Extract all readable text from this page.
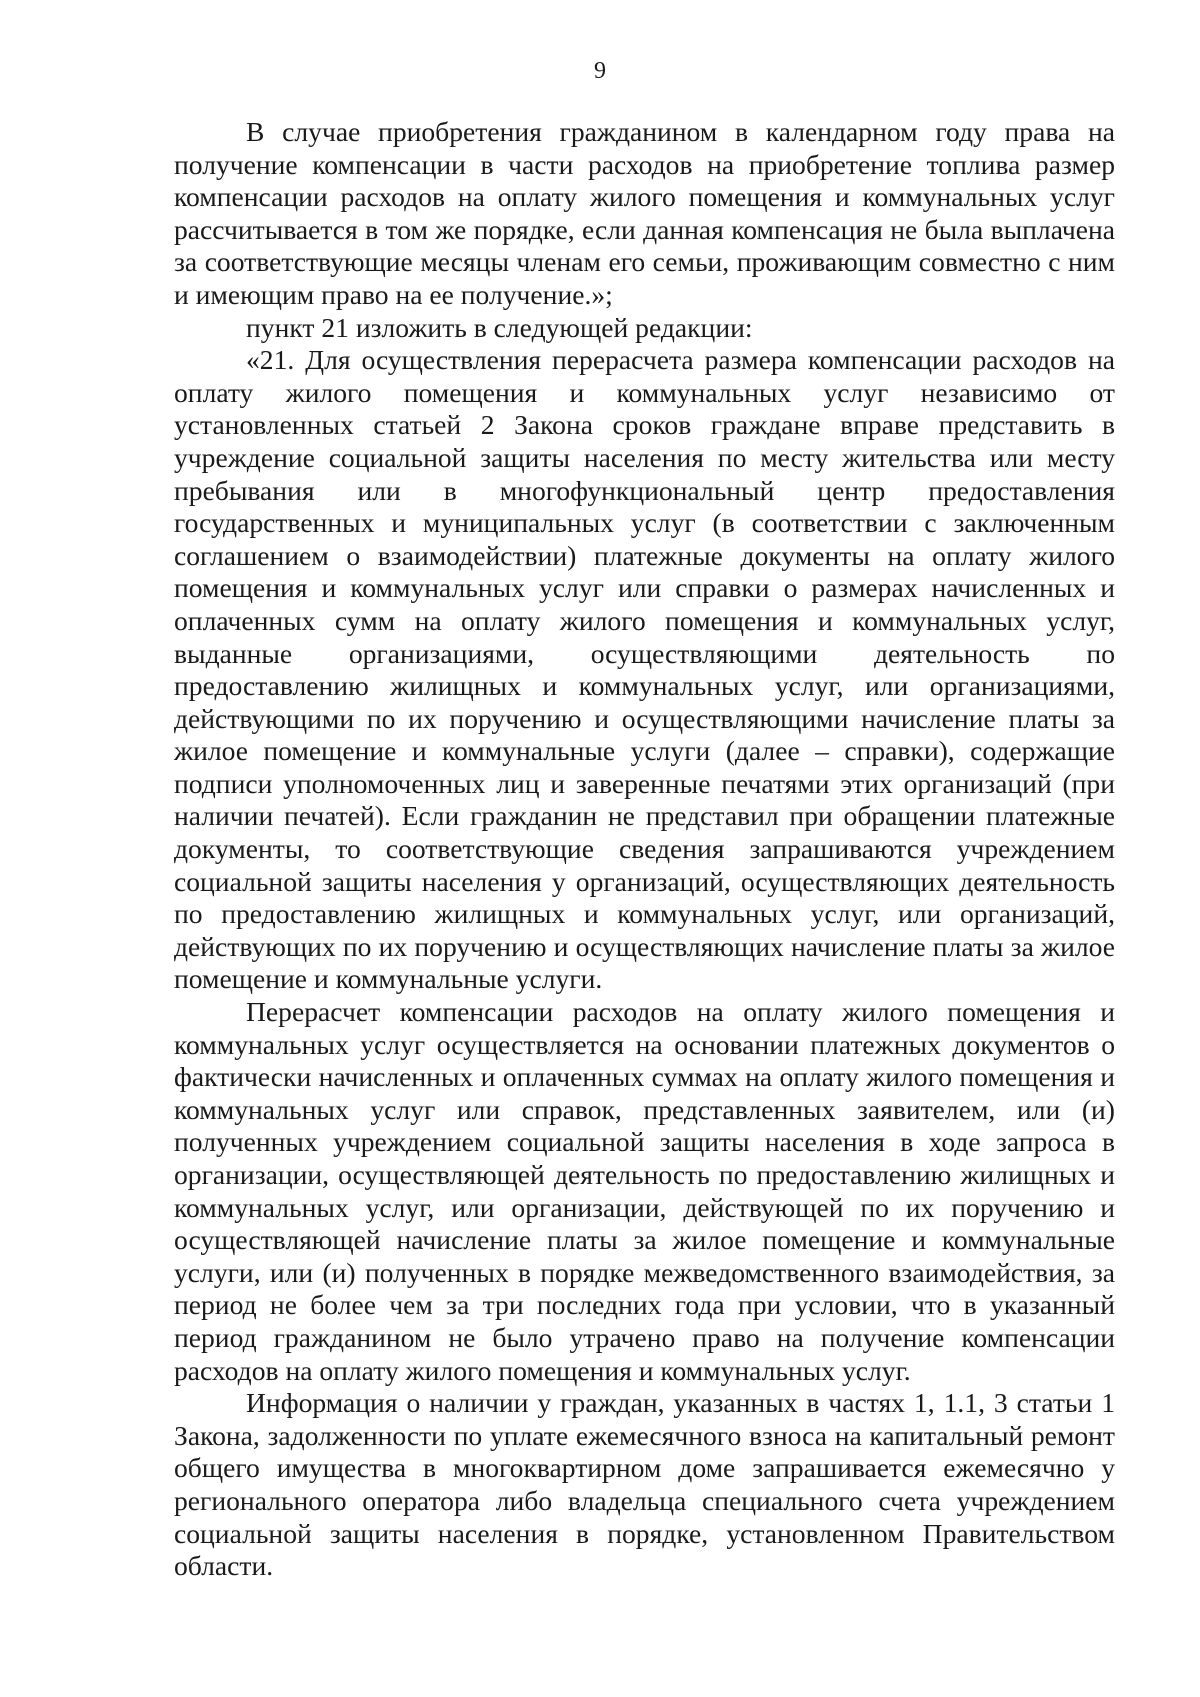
9

В случае приобретения гражданином в календарном году права на получение компенсации в части расходов на приобретение топлива размер компенсации расходов на оплату жилого помещения и коммунальных услуг рассчитывается в том же порядке, если данная компенсация не была выплачена за соответствующие месяцы членам его семьи, проживающим совместно с ним и имеющим право на ее получение.»;

пункт 21 изложить в следующей редакции:

«21. Для осуществления перерасчета размера компенсации расходов на оплату жилого помещения и коммунальных услуг независимо от установленных статьей 2 Закона сроков граждане вправе представить в учреждение социальной защиты населения по месту жительства или месту пребывания или в многофункциональный центр предоставления государственных и муниципальных услуг (в соответствии с заключенным соглашением о взаимодействии) платежные документы на оплату жилого помещения и коммунальных услуг или справки о размерах начисленных и оплаченных сумм на оплату жилого помещения и коммунальных услуг, выданные организациями, осуществляющими деятельность по предоставлению жилищных и коммунальных услуг, или организациями, действующими по их поручению и осуществляющими начисление платы за жилое помещение и коммунальные услуги (далее – справки), содержащие подписи уполномоченных лиц и заверенные печатями этих организаций (при наличии печатей). Если гражданин не представил при обращении платежные документы, то соответствующие сведения запрашиваются учреждением социальной защиты населения у организаций, осуществляющих деятельность по предоставлению жилищных и коммунальных услуг, или организаций, действующих по их поручению и осуществляющих начисление платы за жилое помещение и коммунальные услуги.

Перерасчет компенсации расходов на оплату жилого помещения и коммунальных услуг осуществляется на основании платежных документов о фактически начисленных и оплаченных суммах на оплату жилого помещения и коммунальных услуг или справок, представленных заявителем, или (и) полученных учреждением социальной защиты населения в ходе запроса в организации, осуществляющей деятельность по предоставлению жилищных и коммунальных услуг, или организации, действующей по их поручению и осуществляющей начисление платы за жилое помещение и коммунальные услуги, или (и) полученных в порядке межведомственного взаимодействия, за период не более чем за три последних года при условии, что в указанный период гражданином не было утрачено право на получение компенсации расходов на оплату жилого помещения и коммунальных услуг.

Информация о наличии у граждан, указанных в частях 1, 1.1, 3 статьи 1 Закона, задолженности по уплате ежемесячного взноса на капитальный ремонт общего имущества в многоквартирном доме запрашивается ежемесячно у регионального оператора либо владельца специального счета учреждением социальной защиты населения в порядке, установленном Правительством области.
